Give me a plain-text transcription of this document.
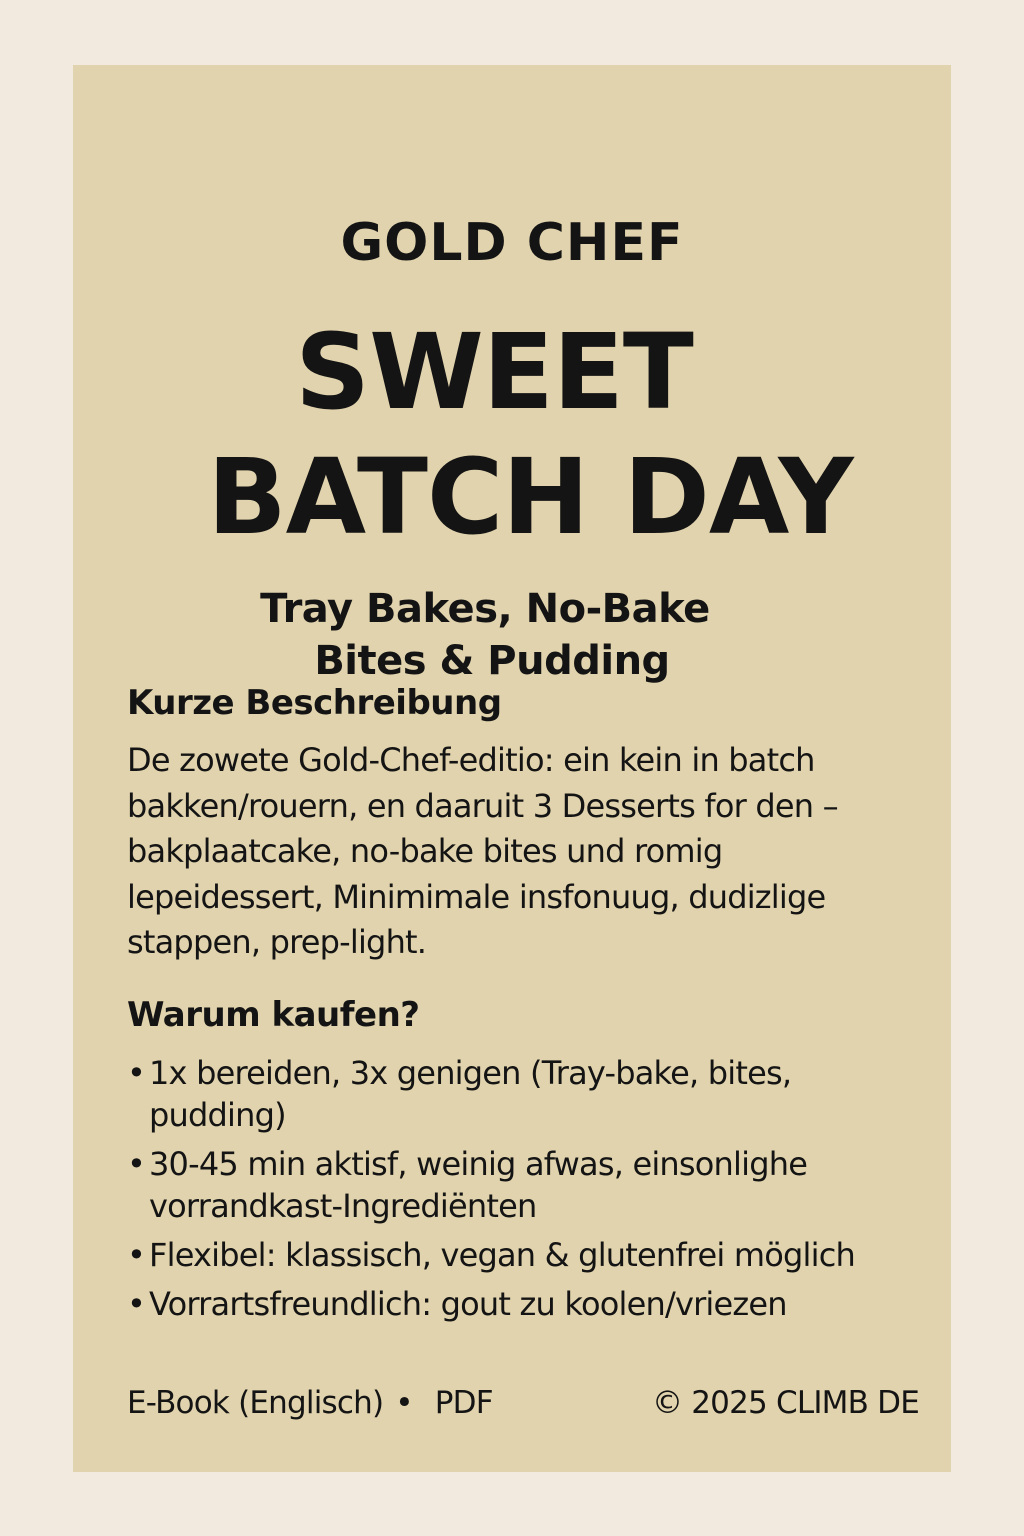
GOLD CHEF
SWEET
BATCH DAY
Tray Bakes, No-Bake
Bites & Pudding
Kurze Beschreibung

De zowete Gold-Chef-editio: ein kein in batch
bakken/rouern, en daaruit 3 Desserts for den –
bakplaatcake, no-bake bites und romig
lepeidessert, Minimimale insfonuug, dudizlige
stappen, prep-light.

Warum kaufen?
• 1x bereiden, 3x genigen (Tray-bake, bites,
pudding)
• 30-45 min aktisf, weinig afwas, einsonlighe
vorrandkast-Ingrediënten
• Flexibel: klassisch, vegan & glutenfrei möglich
• Vorrartsfreundlich: gout zu koolen/vriezen
E-Book (Englisch) • PDF	© 2025 CLIMB DE
